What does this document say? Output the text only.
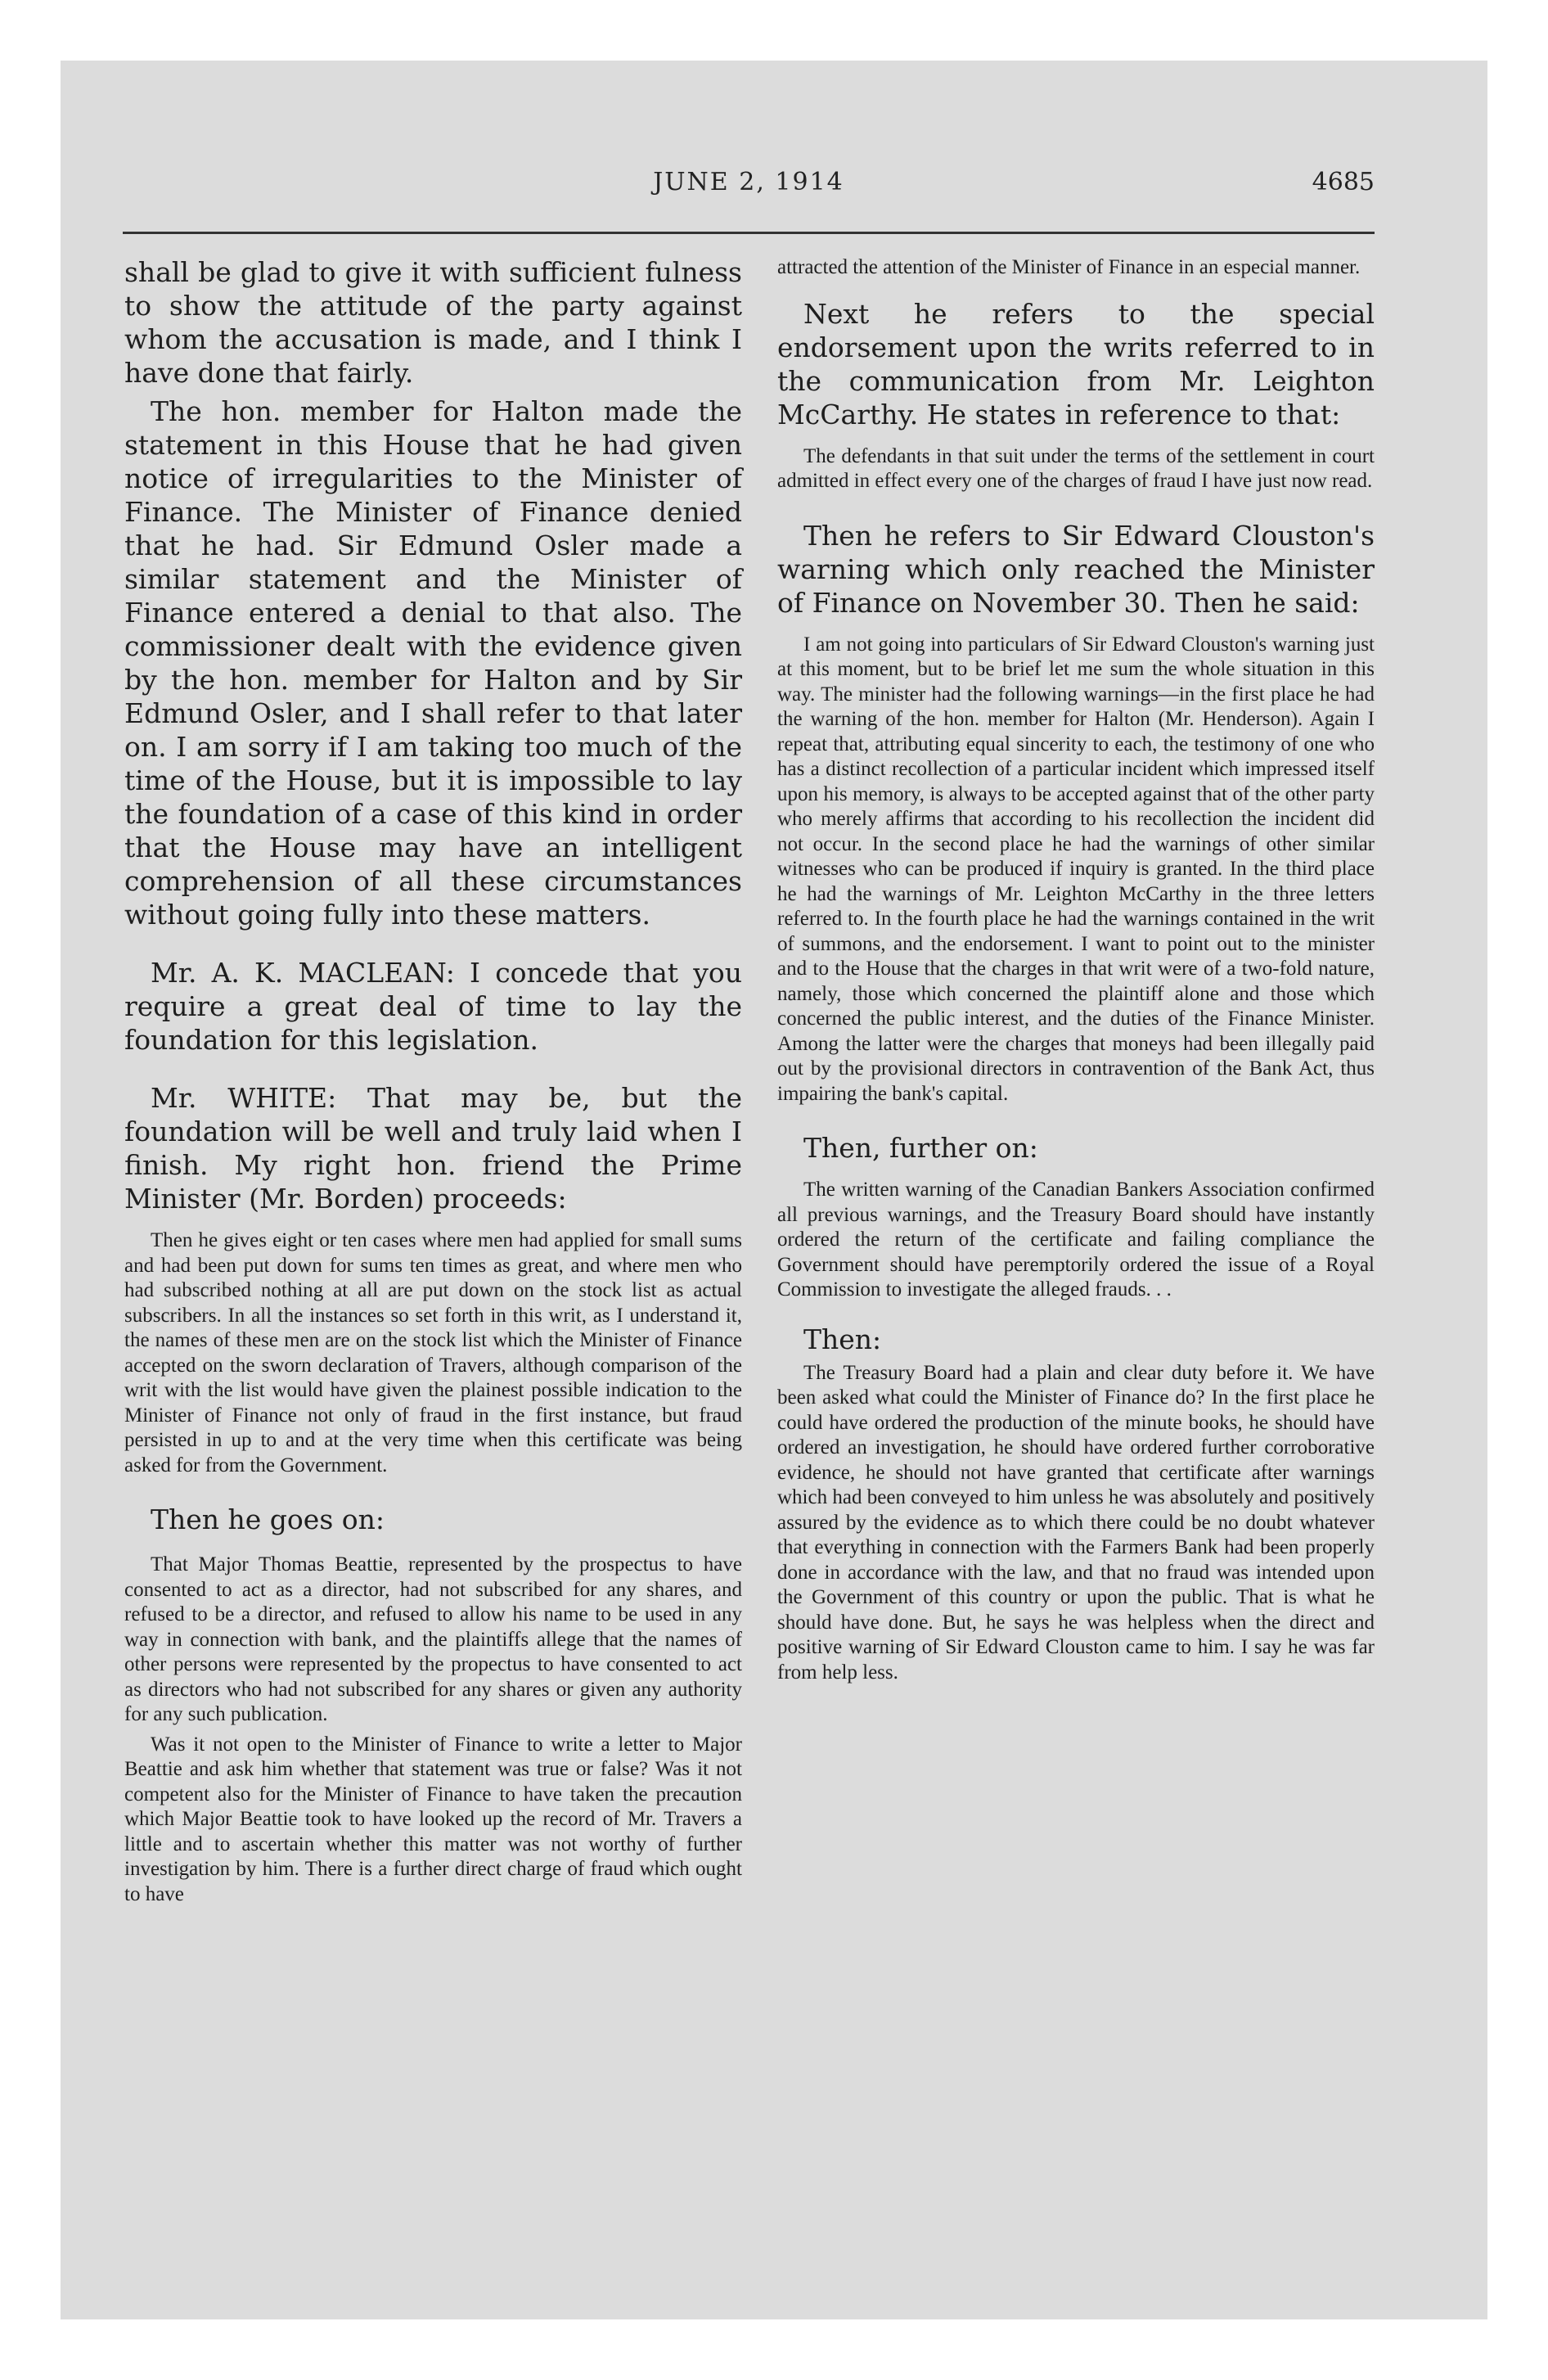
JUNE 2, 1914	4685

shall be glad to give it with sufficient fulness to show the attitude of the party against whom the accusation is made, and I think I have done that fairly.

The hon. member for Halton made the statement in this House that he had given notice of irregularities to the Minister of Finance. The Minister of Finance denied that he had. Sir Edmund Osler made a similar statement and the Minister of Finance entered a denial to that also. The commissioner dealt with the evidence given by the hon. member for Halton and by Sir Edmund Osler, and I shall refer to that later on. I am sorry if I am taking too much of the time of the House, but it is impossible to lay the foundation of a case of this kind in order that the House may have an intelligent comprehension of all these circumstances without going fully into these matters.

Mr. A. K. MACLEAN: I concede that you require a great deal of time to lay the foundation for this legislation.

Mr. WHITE: That may be, but the foundation will be well and truly laid when I finish. My right hon. friend the Prime Minister (Mr. Borden) proceeds:

Then he gives eight or ten cases where men had applied for small sums and had been put down for sums ten times as great, and where men who had subscribed nothing at all are put down on the stock list as actual subscribers. In all the instances so set forth in this writ, as I understand it, the names of these men are on the stock list which the Minister of Finance accepted on the sworn declaration of Travers, although comparison of the writ with the list would have given the plainest possible indication to the Minister of Finance not only of fraud in the first instance, but fraud persisted in up to and at the very time when this certificate was being asked for from the Government.

Then he goes on:

That Major Thomas Beattie, represented by the prospectus to have consented to act as a director, had not subscribed for any shares, and refused to be a director, and refused to allow his name to be used in any way in connection with bank, and the plaintiffs allege that the names of other persons were represented by the propectus to have consented to act as directors who had not subscribed for any shares or given any authority for any such publication.

Was it not open to the Minister of Finance to write a letter to Major Beattie and ask him whether that statement was true or false? Was it not competent also for the Minister of Finance to have taken the precaution which Major Beattie took to have looked up the record of Mr. Travers a little and to ascertain whether this matter was not worthy of further investigation by him. There is a further direct charge of fraud which ought to have

attracted the attention of the Minister of Finance in an especial manner.

Next he refers to the special endorsement upon the writs referred to in the communication from Mr. Leighton McCarthy. He states in reference to that:

The defendants in that suit under the terms of the settlement in court admitted in effect every one of the charges of fraud I have just now read.

Then he refers to Sir Edward Clouston's warning which only reached the Minister of Finance on November 30. Then he said:

I am not going into particulars of Sir Edward Clouston's warning just at this moment, but to be brief let me sum the whole situation in this way. The minister had the following warnings—in the first place he had the warning of the hon. member for Halton (Mr. Henderson). Again I repeat that, attributing equal sincerity to each, the testimony of one who has a distinct recollection of a particular incident which impressed itself upon his memory, is always to be accepted against that of the other party who merely affirms that according to his recollection the incident did not occur. In the second place he had the warnings of other similar witnesses who can be produced if inquiry is granted. In the third place he had the warnings of Mr. Leighton McCarthy in the three letters referred to. In the fourth place he had the warnings contained in the writ of summons, and the endorsement. I want to point out to the minister and to the House that the charges in that writ were of a two-fold nature, namely, those which concerned the plaintiff alone and those which concerned the public interest, and the duties of the Finance Minister. Among the latter were the charges that moneys had been illegally paid out by the provisional directors in contravention of the Bank Act, thus impairing the bank's capital.

Then, further on:

The written warning of the Canadian Bankers Association confirmed all previous warnings, and the Treasury Board should have instantly ordered the return of the certificate and failing compliance the Government should have peremptorily ordered the issue of a Royal Commission to investigate the alleged frauds. . .

Then:

The Treasury Board had a plain and clear duty before it. We have been asked what could the Minister of Finance do? In the first place he could have ordered the production of the minute books, he should have ordered an investigation, he should have ordered further corroborative evidence, he should not have granted that certificate after warnings which had been conveyed to him unless he was absolutely and positively assured by the evidence as to which there could be no doubt whatever that everything in connection with the Farmers Bank had been properly done in accordance with the law, and that no fraud was intended upon the Government of this country or upon the public. That is what he should have done. But, he says he was helpless when the direct and positive warning of Sir Edward Clouston came to him. I say he was far from help less.
